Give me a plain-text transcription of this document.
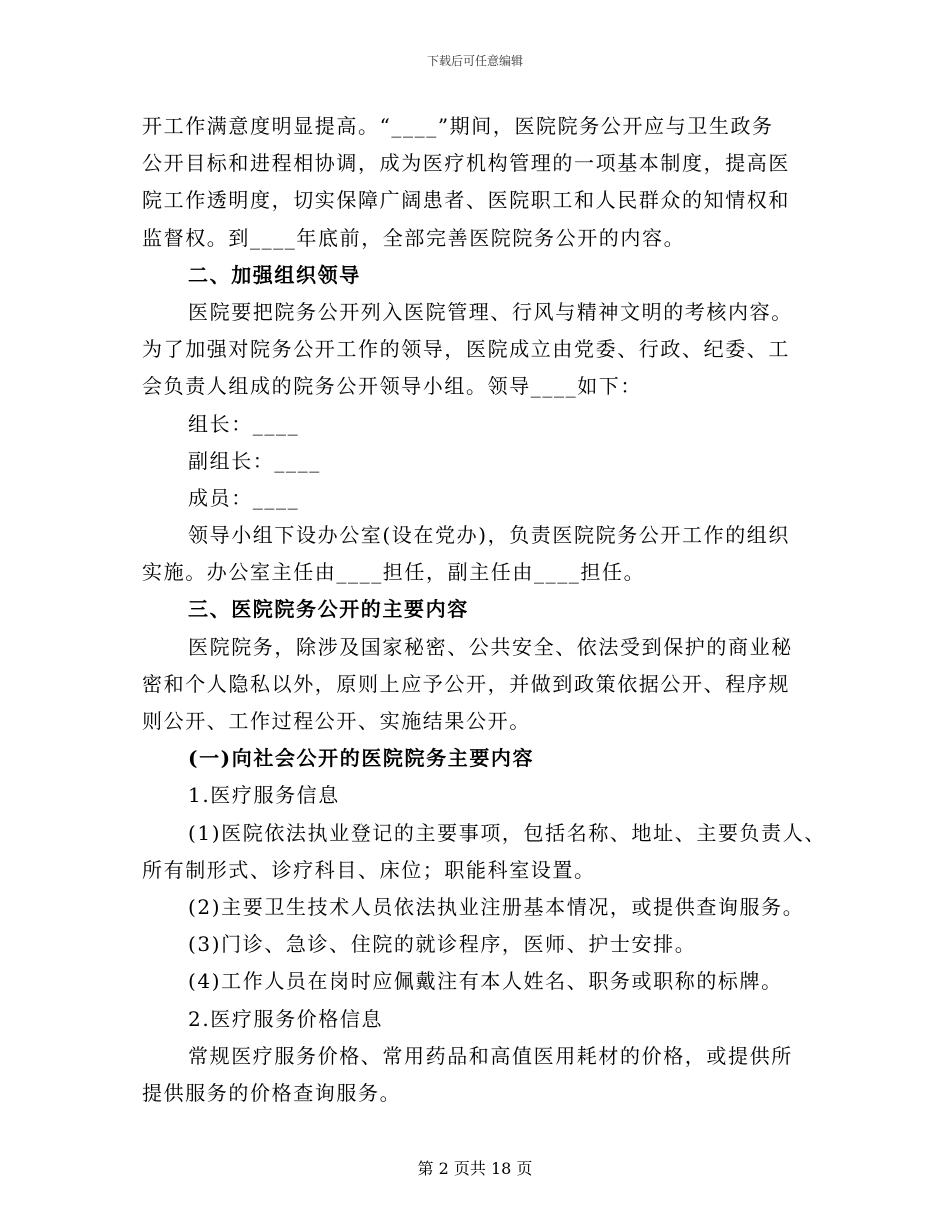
下载后可任意编辑
开工作满意度明显提高。“____”期间，医院院务公开应与卫生政务
公开目标和进程相协调，成为医疗机构管理的一项基本制度，提高医
院工作透明度，切实保障广阔患者、医院职工和人民群众的知情权和
监督权。到____年底前，全部完善医院院务公开的内容。
二、加强组织领导
医院要把院务公开列入医院管理、行风与精神文明的考核内容。
为了加强对院务公开工作的领导，医院成立由党委、行政、纪委、工
会负责人组成的院务公开领导小组。领导____如下：
组长：____
副组长：____
成员：____
领导小组下设办公室(设在党办)，负责医院院务公开工作的组织
实施。办公室主任由____担任，副主任由____担任。
三、医院院务公开的主要内容
医院院务，除涉及国家秘密、公共安全、依法受到保护的商业秘
密和个人隐私以外，原则上应予公开，并做到政策依据公开、程序规
则公开、工作过程公开、实施结果公开。
(一)向社会公开的医院院务主要内容
1.医疗服务信息
(1)医院依法执业登记的主要事项，包括名称、地址、主要负责人、
所有制形式、诊疗科目、床位；职能科室设置。
(2)主要卫生技术人员依法执业注册基本情况，或提供查询服务。
(3)门诊、急诊、住院的就诊程序，医师、护士安排。
(4)工作人员在岗时应佩戴注有本人姓名、职务或职称的标牌。
2.医疗服务价格信息
常规医疗服务价格、常用药品和高值医用耗材的价格，或提供所
提供服务的价格查询服务。
第 2 页共 18 页
